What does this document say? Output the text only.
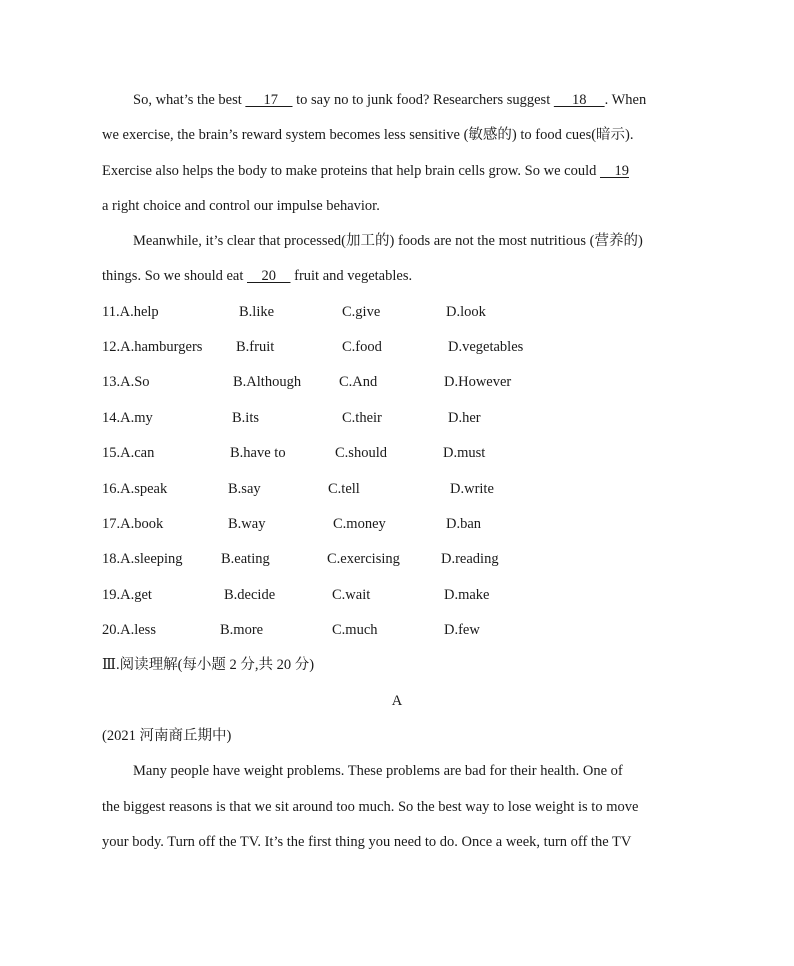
So, what’s the best      17     to say no to junk food? Researchers suggest      18     . When
we exercise, the brain’s reward system becomes less sensitive (敏感的) to food cues(暗示).
Exercise also helps the body to make proteins that help brain cells grow. So we could     19
a right choice and control our impulse behavior.
Meanwhile, it’s clear that processed(加工的) foods are not the most nutritious (营养的)
things. So we should eat     20     fruit and vegetables.
11.A.help	B.like	C.give	D.look
12.A.hamburgers B.fruit	C.food	D.vegetables
13.A.So	B.Although	C.And	D.However
14.A.my	B.its	C.their	D.her
15.A.can	B.have to	C.should	D.must
16.A.speak	B.say	C.tell	D.write
17.A.book	B.way	C.money	D.ban
18.A.sleeping	B.eating	C.exercising	D.reading
19.A.get	B.decide	C.wait	D.make
20.A.less	B.more	C.much	D.few
Ⅲ.阅读理解(每小题 2 分,共 20 分)
A
(2021 河南商丘期中)
Many people have weight problems. These problems are bad for their health. One of
the biggest reasons is that we sit around too much. So the best way to lose weight is to move
your body. Turn off the TV. It’s the first thing you need to do. Once a week, turn off the TV
